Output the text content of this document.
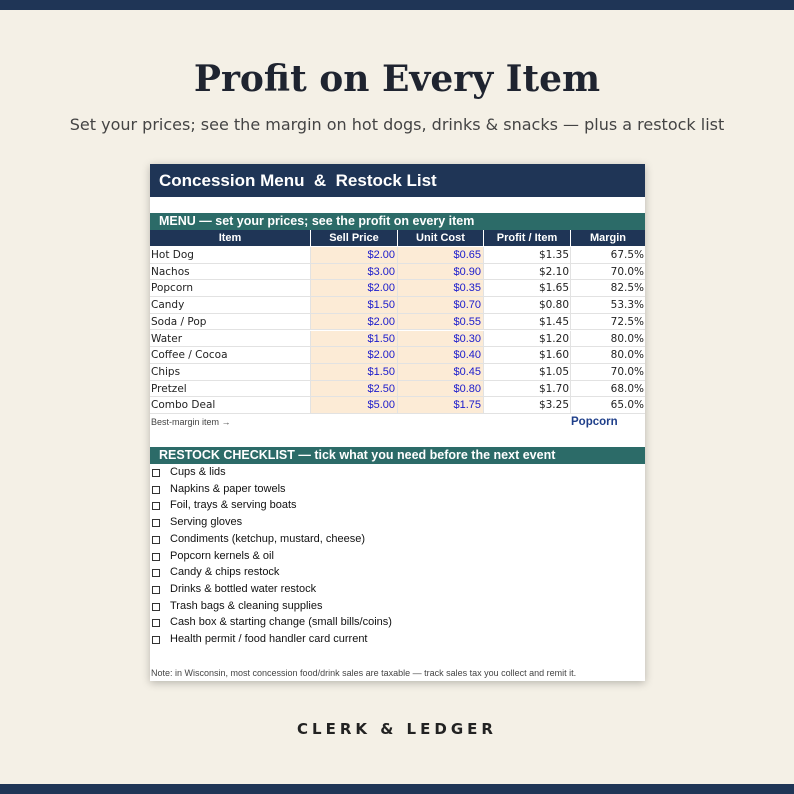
Profit on Every Item
Set your prices; see the margin on hot dogs, drinks & snacks — plus a restock list
Concession Menu  &  Restock List
MENU — set your prices; see the profit on every item
Item	Sell Price	Unit Cost	Profit / Item	Margin
Hot Dog	$2.00	$0.65	$1.35	67.5%
Nachos	$3.00	$0.90	$2.10	70.0%
Popcorn	$2.00	$0.35	$1.65	82.5%
Candy	$1.50	$0.70	$0.80	53.3%
Soda / Pop	$2.00	$0.55	$1.45	72.5%
Water	$1.50	$0.30	$1.20	80.0%
Coffee / Cocoa	$2.00	$0.40	$1.60	80.0%
Chips	$1.50	$0.45	$1.05	70.0%
Pretzel	$2.50	$0.80	$1.70	68.0%
Combo Deal	$5.00	$1.75	$3.25	65.0%
Best-margin item →	Popcorn
RESTOCK CHECKLIST — tick what you need before the next event
Cups & lids
Napkins & paper towels
Foil, trays & serving boats
Serving gloves
Condiments (ketchup, mustard, cheese)
Popcorn kernels & oil
Candy & chips restock
Drinks & bottled water restock
Trash bags & cleaning supplies
Cash box & starting change (small bills/coins)
Health permit / food handler card current
Note: in Wisconsin, most concession food/drink sales are taxable — track sales tax you collect and remit it.
CLERK & LEDGER
